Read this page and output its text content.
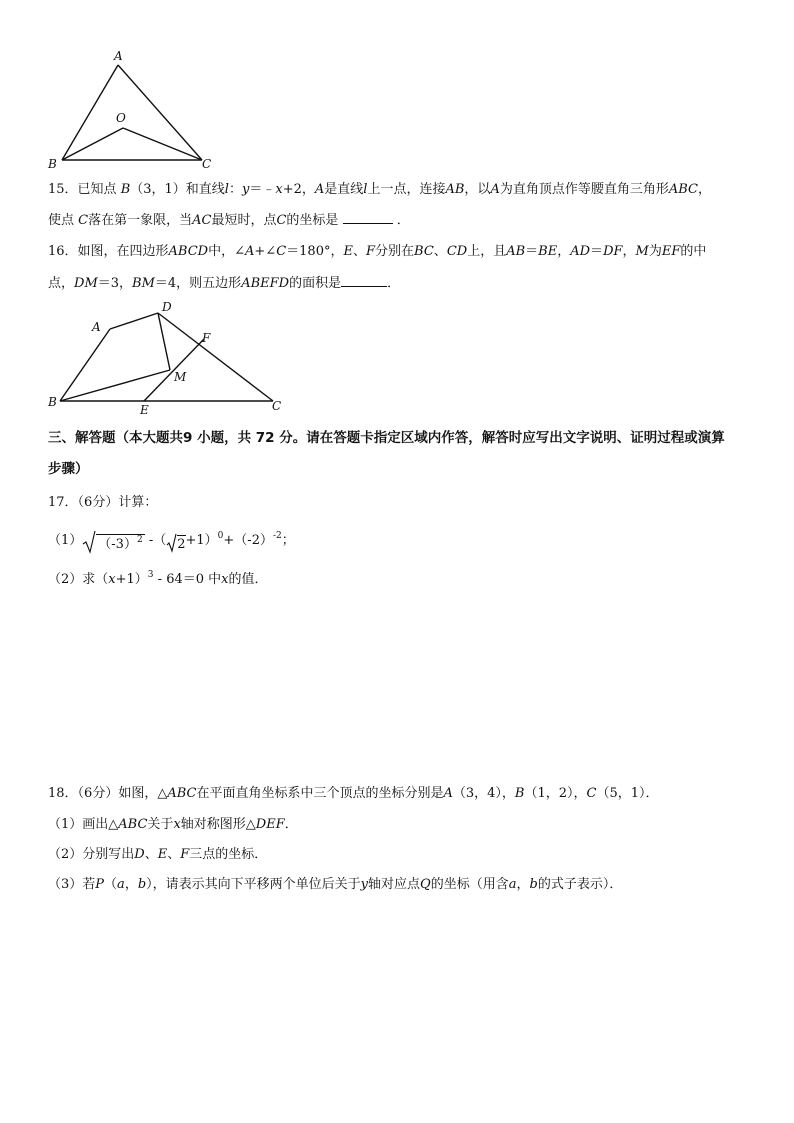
A
O
B	C
15．已知点 B（3，1）和直线l：y＝﹣x+2，A是直线l上一点，连接AB，以A为直角顶点作等腰直角三角形ABC，
使点 C落在第一象限，当AC最短时，点C的坐标是	．
16．如图，在四边形ABCD中，∠A+∠C＝180°，E、F分别在BC、CD上，且AB＝BE，AD＝DF，M为EF的中
点，DM＝3，BM＝4，则五边形ABEFD的面积是	．
A
D
F
M
B
E	C
三、解答题（本大题共9 小题，共 72 分。请在答题卡指定区域内作答，解答时应写出文字说明、证明过程或演算
步骤）
17．（6分）计算：
（1） $(-3)^2$ -（ $2+1)^0+(-2)^{-2}$；
（2）求$(x+1)^3 - 64=0$ 中x的值．
18．（6分）如图，△ABC在平面直角坐标系中三个顶点的坐标分别是A（3，4），B（1，2），C（5，1）．
（1）画出△ABC关于x轴对称图形△DEF．
（2）分别写出D、E、F三点的坐标．
（3）若P（a，b），请表示其向下平移两个单位后关于y轴对应点Q的坐标（用含a，b的式子表示）．
